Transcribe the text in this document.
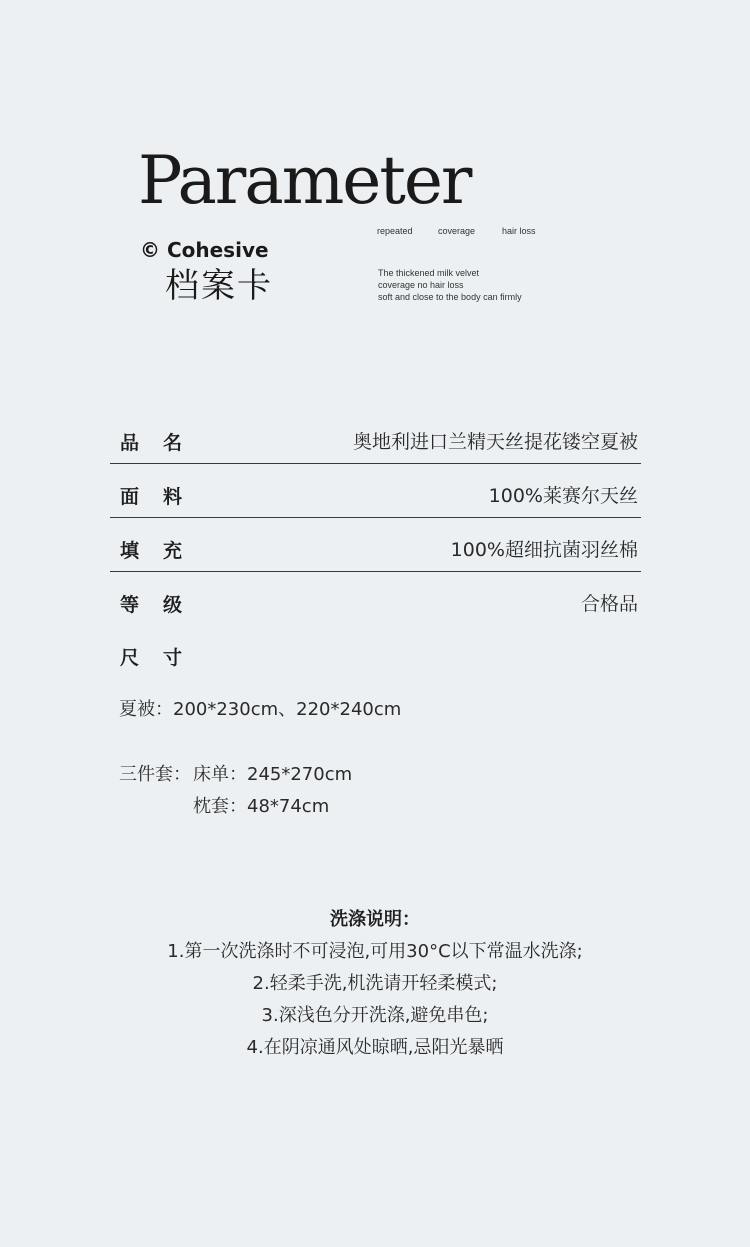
Parameter
© Cohesive
档案卡
repeated	coverage	hair loss
The thickened milk velvet
coverage no hair loss
soft and close to the body can firmly
品名	奥地利进口兰精天丝提花镂空夏被
面料	100%莱赛尔天丝
填充	100%超细抗菌羽丝棉
等级	合格品
尺寸
夏被：200*230cm、220*240cm
三件套： 床单：245*270cm
枕套：48*74cm
洗涤说明：
1.第一次洗涤时不可浸泡,可用30°C以下常温水洗涤;
2.轻柔手洗,机洗请开轻柔模式;
3.深浅色分开洗涤,避免串色;
4.在阴凉通风处晾晒,忌阳光暴晒
